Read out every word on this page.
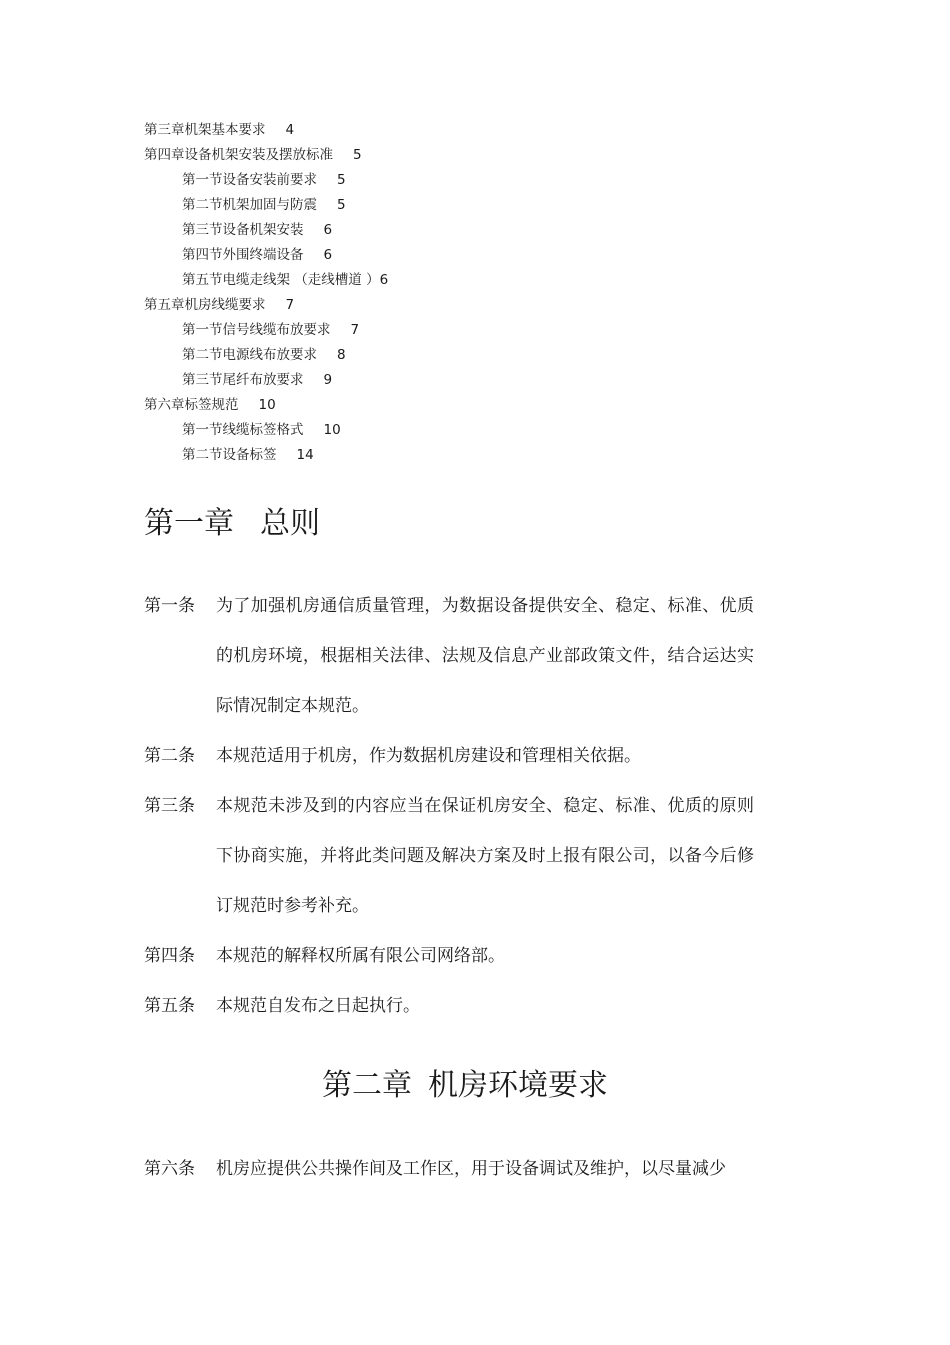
第三章机架基本要求 4
第四章设备机架安装及摆放标准 5
第一节设备安装前要求 5
第二节机架加固与防震 5
第三节设备机架安装 6
第四节外围终端设备 6
第五节电缆走线架 （走线槽道 ）6
第五章机房线缆要求 7
第一节信号线缆布放要求 7
第二节电源线布放要求 8
第三节尾纤布放要求 9
第六章标签规范 10
第一节线缆标签格式 10
第二节设备标签 14
第一章 总则
第一条	为了加强机房通信质量管理，为数据设备提供安全、稳定、标准、优质的机房环境，根据相关法律、法规及信息产业部政策文件，结合运达实际情况制定本规范。
第二条	本规范适用于机房，作为数据机房建设和管理相关依据。
第三条	本规范未涉及到的内容应当在保证机房安全、稳定、标准、优质的原则下协商实施，并将此类问题及解决方案及时上报有限公司，以备今后修订规范时参考补充。
第四条	本规范的解释权所属有限公司网络部。
第五条	本规范自发布之日起执行。
第二章 机房环境要求
第六条	机房应提供公共操作间及工作区，用于设备调试及维护，以尽量减少
